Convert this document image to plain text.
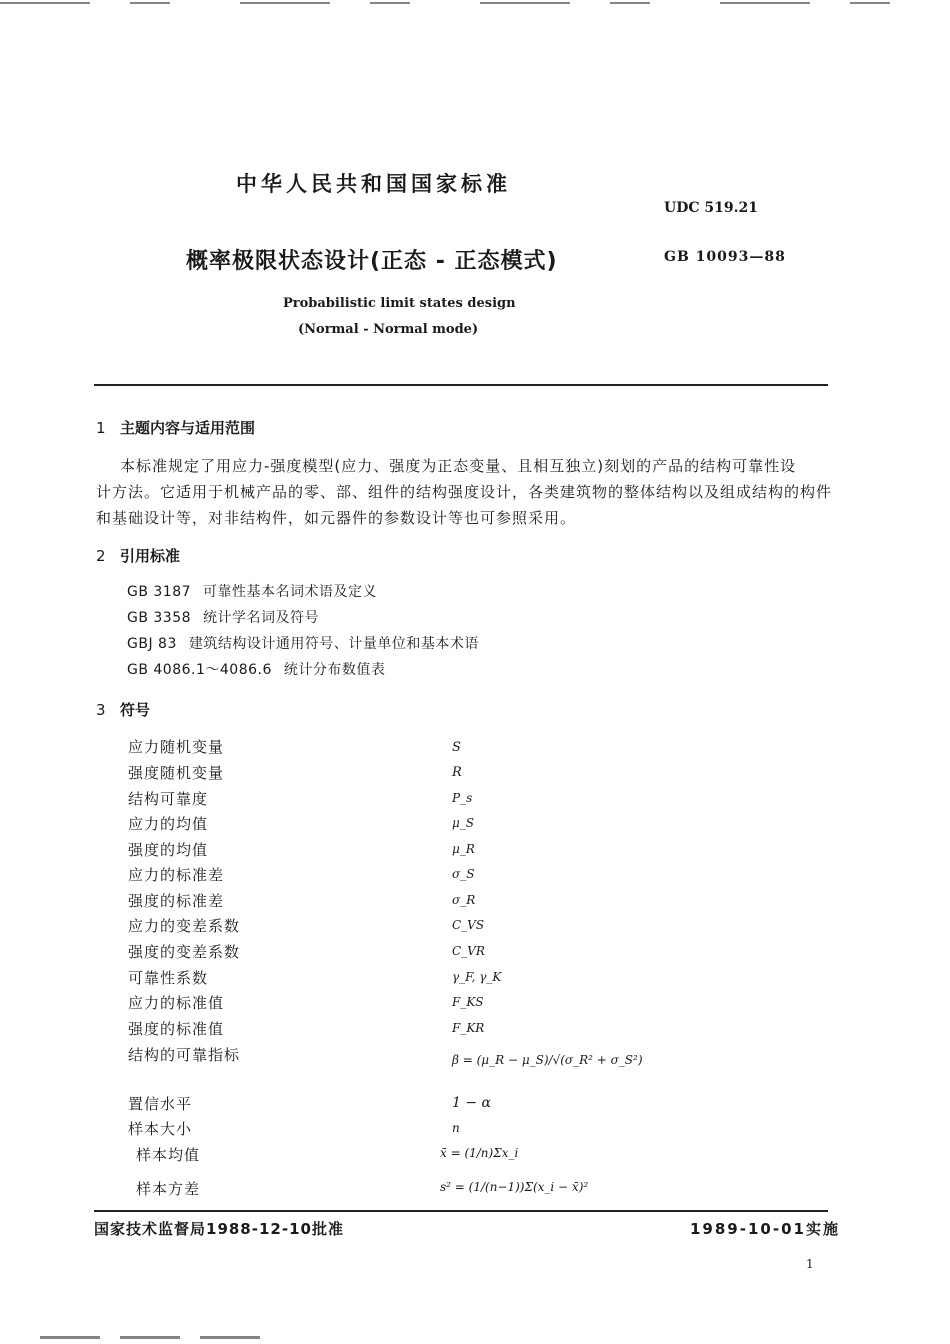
中华人民共和国国家标准
UDC 519.21
概率极限状态设计(正态 - 正态模式)	GB 10093—88
Probabilistic limit states design
(Normal - Normal mode)
1 主题内容与适用范围
本标准规定了用应力-强度模型(应力、强度为正态变量、且相互独立)刻划的产品的结构可靠性设
计方法。它适用于机械产品的零、部、组件的结构强度设计，各类建筑物的整体结构以及组成结构的构件
和基础设计等，对非结构件，如元器件的参数设计等也可参照采用。
2 引用标准
GB 3187 可靠性基本名词术语及定义
GB 3358 统计学名词及符号
GBJ 83 建筑结构设计通用符号、计量单位和基本术语
GB 4086.1～4086.6 统计分布数值表
3 符号
应力随机变量
强度随机变量
结构可靠度
应力的均值
强度的均值
应力的标准差
强度的标准差
应力的变差系数
强度的变差系数
可靠性系数
应力的标准值
强度的标准值
结构的可靠指标
置信水平
样本大小
样本均值
样本方差
S
R
P_s
μ_S
μ_R
σ_S
σ_R
C_VS
C_VR
γ_F, γ_K
F_KS
F_KR
β = (μ_R − μ_S)/√(σ_R² + σ_S²)
1 − α
n
x̄ = (1/n)Σx_i
s² = (1/(n−1))Σ(x_i − x̄)²
国家技术监督局1988-12-10批准	1989-10-01实施
1
